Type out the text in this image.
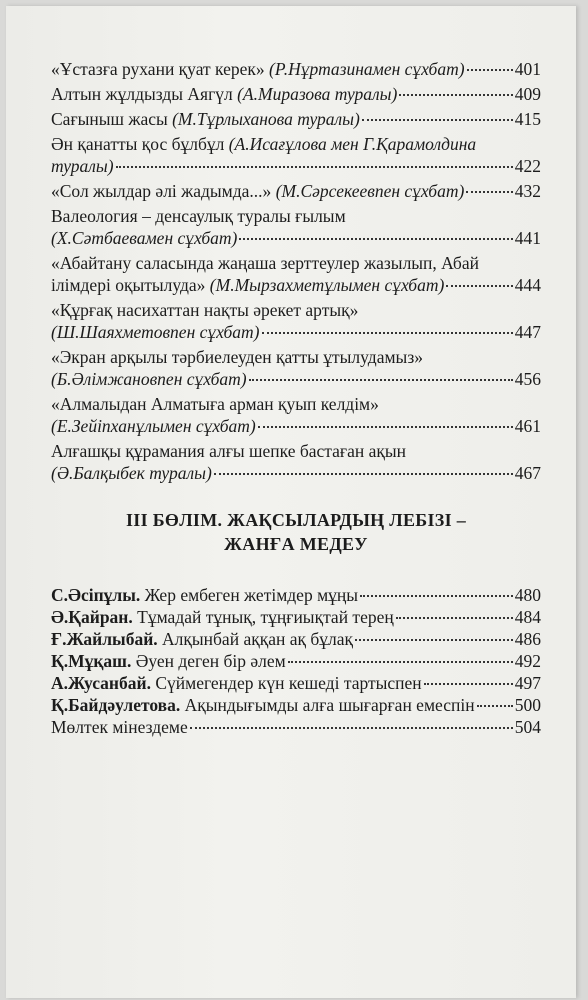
«Ұстазға рухани қуат керек» (Р.Нұртазинамен сұхбат)	401
Алтын жұлдызды Аягүл (А.Миразова туралы)	409
Сағыныш жасы (М.Тұрлыханова туралы)	415
Ән қанатты қос бұлбұл (А.Исағұлова мен Г.Қарамолдина
туралы)	422
«Сол жылдар әлі жадымда...» (М.Сәрсекеевпен сұхбат)	432
Валеология – денсаулық туралы ғылым
(Х.Сәтбаевамен сұхбат)	441
«Абайтану саласында жаңаша зерттеулер жазылып, Абай
ілімдері оқытылуда» (М.Мырзахметұлымен сұхбат)	444
«Құрғақ насихаттан нақты әрекет артық»
(Ш.Шаяхметовпен сұхбат)	447
«Экран арқылы тәрбиелеуден қатты ұтылудамыз»
(Б.Әлімжановпен сұхбат)	456
«Алмалыдан Алматыға арман қуып келдім»
(Е.Зейіпханұлымен сұхбат)	461
Алғашқы құрамания алғы шепке бастаған ақын
(Ә.Балқыбек туралы)	467
ІІІ БӨЛІМ. ЖАҚСЫЛАРДЫҢ ЛЕБІЗІ –
ЖАНҒА МЕДЕУ
С.Әсіпұлы. Жер ембеген жетімдер мұңы	480
Ә.Қайран. Тұмадай тұнық, тұңғиықтай терең	484
Ғ.Жайлыбай. Алқынбай аққан ақ бұлақ	486
Қ.Мұқаш. Әуен деген бір әлем	492
А.Жусанбай. Сүймегендер күн кешеді тартыспен	497
Қ.Байдәулетова. Ақындығымды алға шығарған емеспін 500
Мөлтек мінездеме	504
